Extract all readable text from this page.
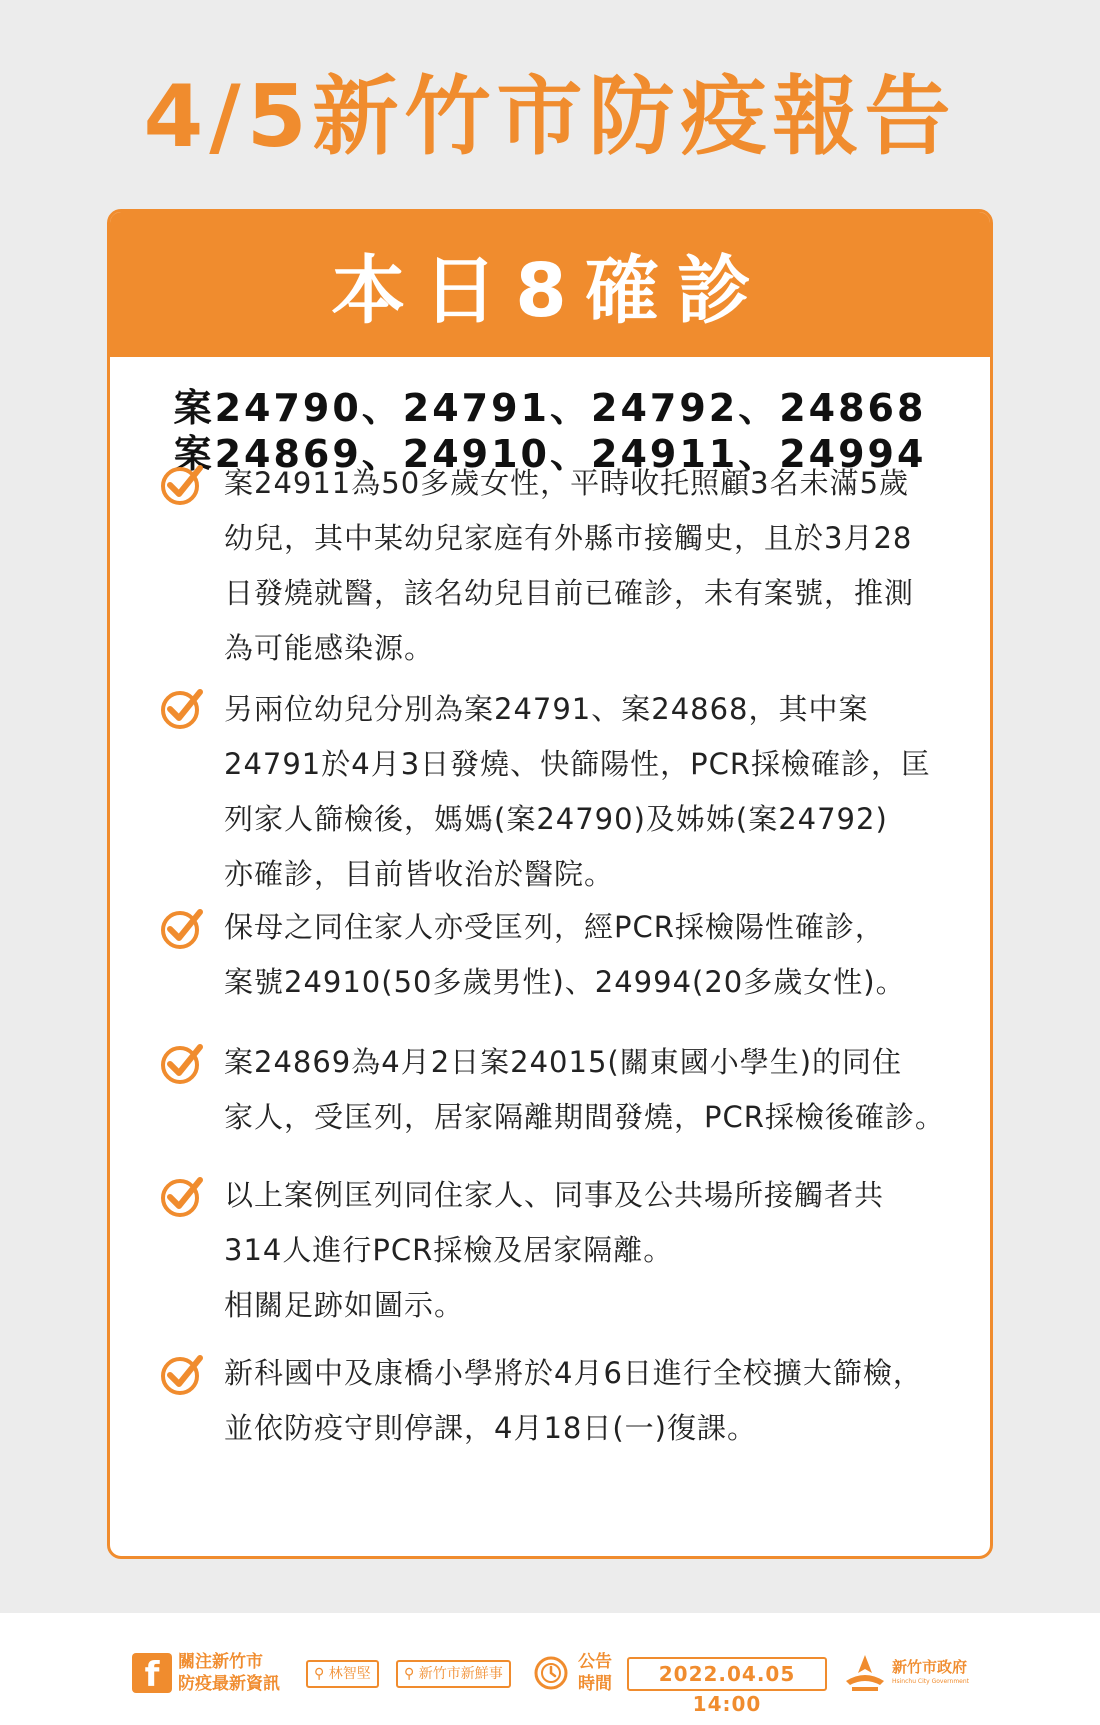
4/5新竹市防疫報告
本日8確診
案24790、24791、24792、24868
案24869、24910、24911、24994
案24911為50多歲女性，平時收托照顧3名未滿5歲
幼兒，其中某幼兒家庭有外縣市接觸史，且於3月28
日發燒就醫，該名幼兒目前已確診，未有案號，推測
為可能感染源。
另兩位幼兒分別為案24791、案24868，其中案
24791於4月3日發燒、快篩陽性，PCR採檢確診，匡
列家人篩檢後，媽媽(案24790)及姊姊(案24792)
亦確診，目前皆收治於醫院。
保母之同住家人亦受匡列，經PCR採檢陽性確診，
案號24910(50多歲男性)、24994(20多歲女性)。
案24869為4月2日案24015(關東國小學生)的同住
家人，受匡列，居家隔離期間發燒，PCR採檢後確診。
以上案例匡列同住家人、同事及公共場所接觸者共
314人進行PCR採檢及居家隔離。
相關足跡如圖示。
新科國中及康橋小學將於4月6日進行全校擴大篩檢，
並依防疫守則停課，4月18日(一)復課。
f	關注新竹市
防疫最新資訊	⚲ 林智堅	⚲ 新竹市新鮮事
公告
時間	2022.04.05 14:00
新竹市政府
Hsinchu City Government
